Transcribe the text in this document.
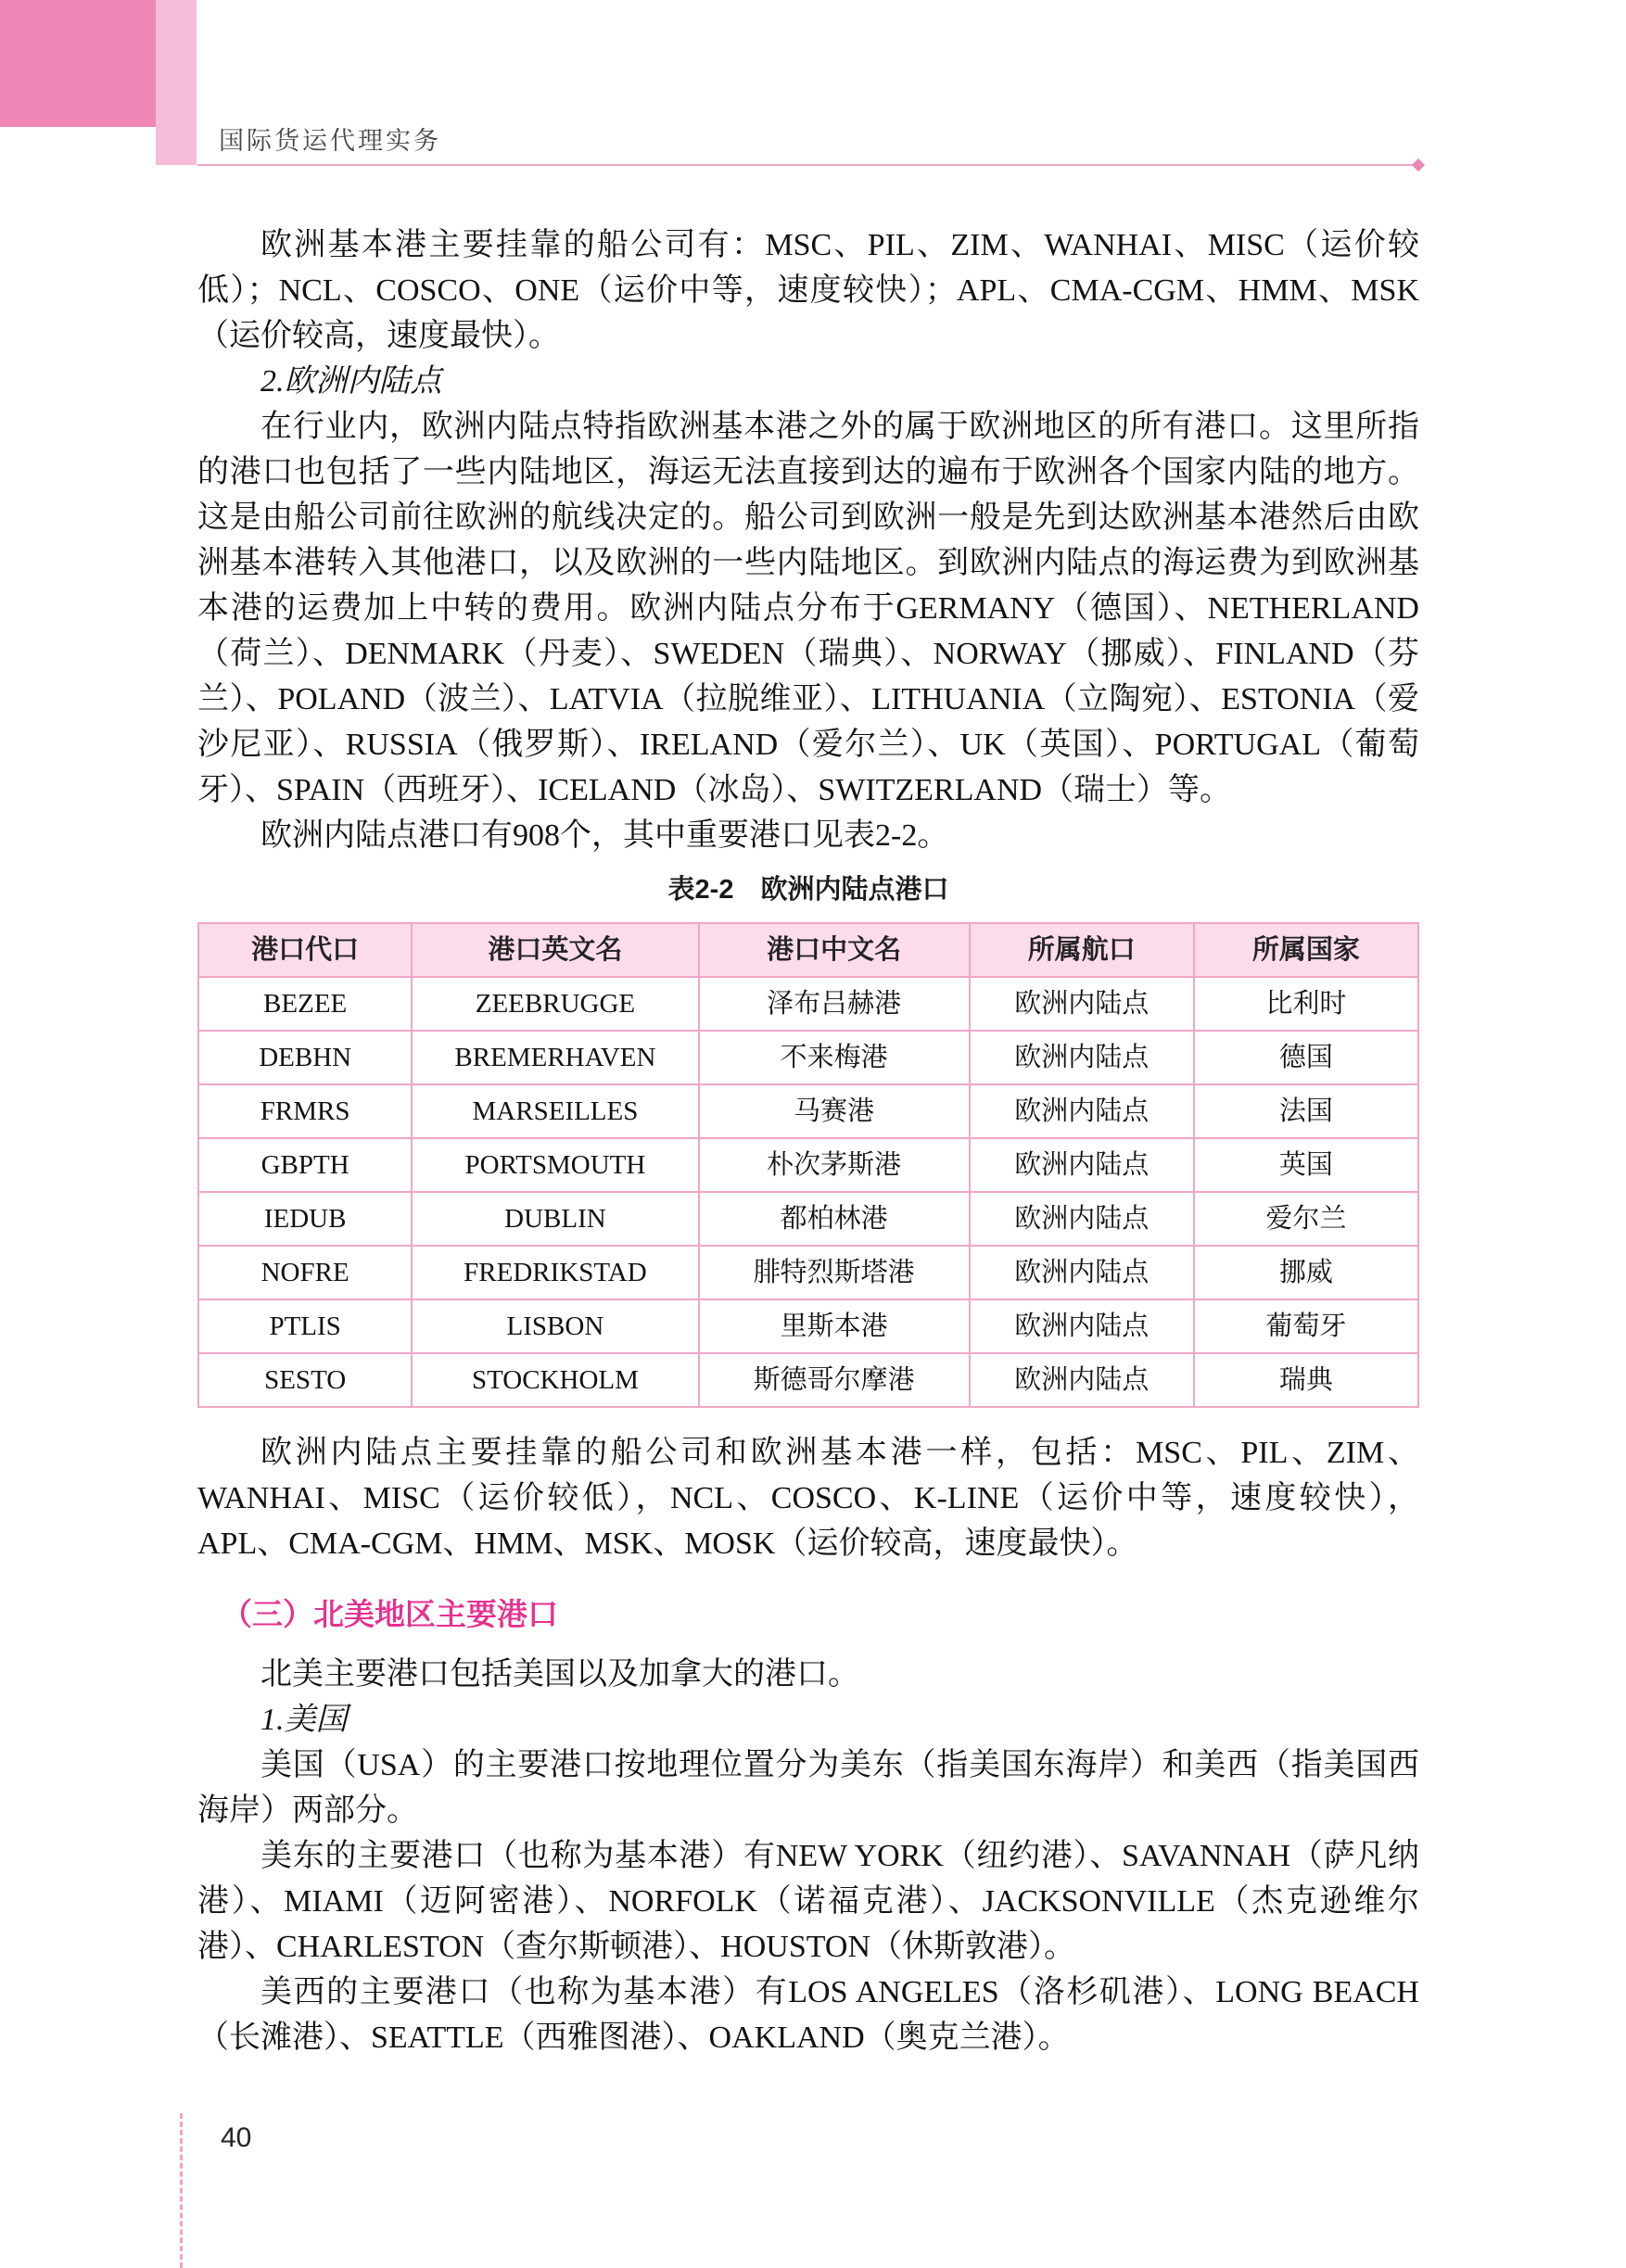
国际货运代理实务

欧洲基本港主要挂靠的船公司有：MSC、PIL、ZIM、WANHAI、MISC（运价较低）；NCL、COSCO、ONE（运价中等，速度较快）；APL、CMA-CGM、HMM、MSK（运价较高，速度最快）。

2.欧洲内陆点

在行业内，欧洲内陆点特指欧洲基本港之外的属于欧洲地区的所有港口。这里所指的港口也包括了一些内陆地区，海运无法直接到达的遍布于欧洲各个国家内陆的地方。这是由船公司前往欧洲的航线决定的。船公司到欧洲一般是先到达欧洲基本港然后由欧洲基本港转入其他港口，以及欧洲的一些内陆地区。到欧洲内陆点的海运费为到欧洲基本港的运费加上中转的费用。欧洲内陆点分布于GERMANY（德国）、NETHERLAND（荷兰）、DENMARK（丹麦）、SWEDEN（瑞典）、NORWAY（挪威）、FINLAND（芬兰）、POLAND（波兰）、LATVIA（拉脱维亚）、LITHUANIA（立陶宛）、ESTONIA（爱沙尼亚）、RUSSIA（俄罗斯）、IRELAND（爱尔兰）、UK（英国）、PORTUGAL（葡萄牙）、SPAIN（西班牙）、ICELAND（冰岛）、SWITZERLAND（瑞士）等。

欧洲内陆点港口有908个，其中重要港口见表2-2。

表2-2　欧洲内陆点港口
港口代口	港口英文名	港口中文名	所属航口	所属国家
BEZEE	ZEEBRUGGE	泽布吕赫港	欧洲内陆点	比利时
DEBHN	BREMERHAVEN	不来梅港	欧洲内陆点	德国
FRMRS	MARSEILLES	马赛港	欧洲内陆点	法国
GBPTH	PORTSMOUTH	朴次茅斯港	欧洲内陆点	英国
IEDUB	DUBLIN	都柏林港	欧洲内陆点	爱尔兰
NOFRE	FREDRIKSTAD	腓特烈斯塔港	欧洲内陆点	挪威
PTLIS	LISBON	里斯本港	欧洲内陆点	葡萄牙
SESTO	STOCKHOLM	斯德哥尔摩港	欧洲内陆点	瑞典

欧洲内陆点主要挂靠的船公司和欧洲基本港一样，包括：MSC、PIL、ZIM、WANHAI、MISC（运价较低），NCL、COSCO、K-LINE（运价中等，速度较快），APL、CMA-CGM、HMM、MSK、MOSK（运价较高，速度最快）。

（三）北美地区主要港口

北美主要港口包括美国以及加拿大的港口。

1.美国

美国（USA）的主要港口按地理位置分为美东（指美国东海岸）和美西（指美国西海岸）两部分。

美东的主要港口（也称为基本港）有NEW YORK（纽约港）、SAVANNAH（萨凡纳港）、MIAMI（迈阿密港）、NORFOLK（诺福克港）、JACKSONVILLE（杰克逊维尔港）、CHARLESTON（查尔斯顿港）、HOUSTON（休斯敦港）。

美西的主要港口（也称为基本港）有LOS ANGELES（洛杉矶港）、LONG BEACH（长滩港）、SEATTLE（西雅图港）、OAKLAND（奥克兰港）。

40
